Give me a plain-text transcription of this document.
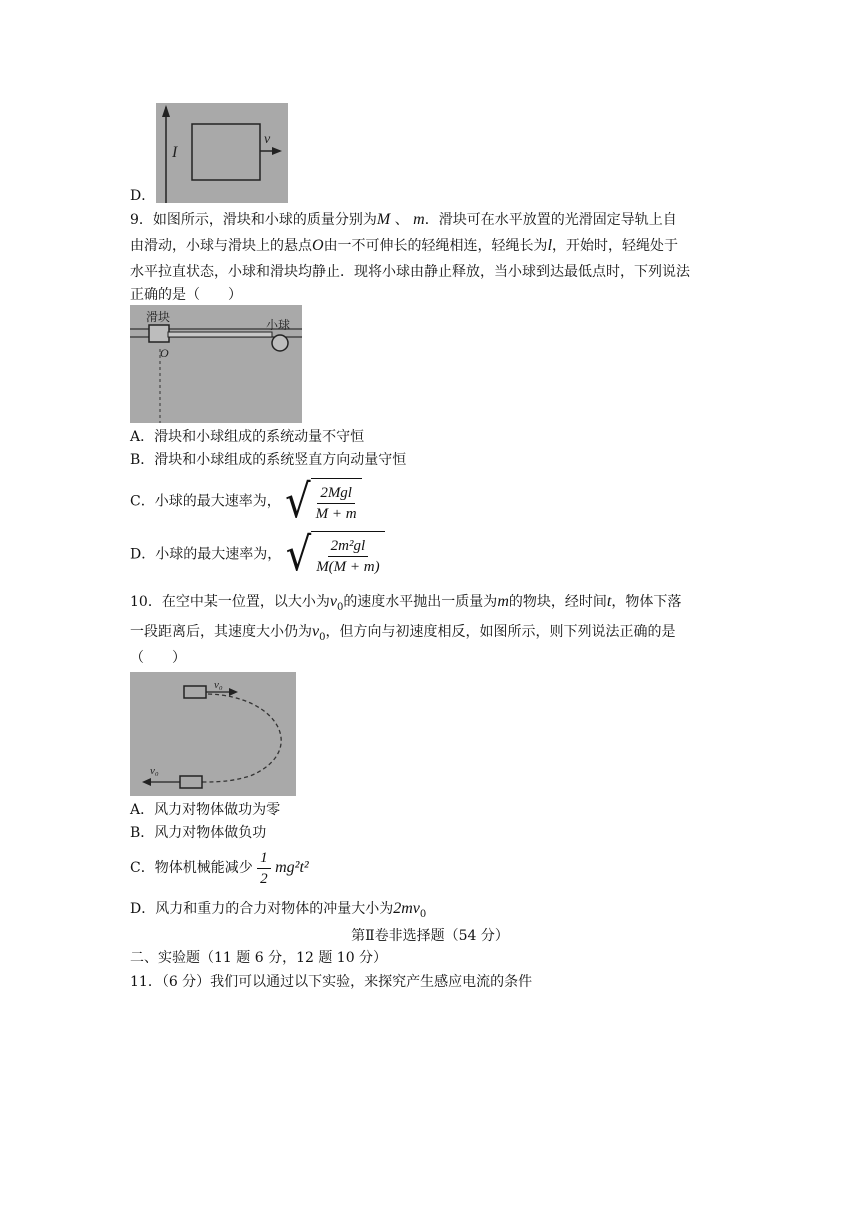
D．
I
v
9．如图所示，滑块和小球的质量分别为M 、 m．滑块可在水平放置的光滑固定导轨上自
由滑动，小球与滑块上的悬点O由一不可伸长的轻绳相连，轻绳长为l，开始时，轻绳处于
水平拉直状态，小球和滑块均静止．现将小球由静止释放，当小球到达最低点时，下列说法
正确的是（　　）
滑块
小球
O
A．滑块和小球组成的系统动量不守恒
B．滑块和小球组成的系统竖直方向动量守恒
C．小球的最大速率为， √ $\frac{\text{2Mgl}}{M + m}$
D．小球的最大速率为， √ $\frac{\text{2m²gl}}{M(M + m)}$
10．在空中某一位置，以大小为$v_0$的速度水平抛出一质量为m的物块，经时间t，物体下落
一段距离后，其速度大小仍为$v_0$，但方向与初速度相反，如图所示，则下列说法正确的是
（　　）
v₀
v₀
A．风力对物体做功为零
B．风力对物体做负功
C．物体机械能减少 $\frac{1}{2} mg^2t^2$
D．风力和重力的合力对物体的冲量大小为$2mv_0$
第Ⅱ卷非选择题（54 分）
二、实验题（11 题 6 分，12 题 10 分）
11．（6 分）我们可以通过以下实验，来探究产生感应电流的条件
